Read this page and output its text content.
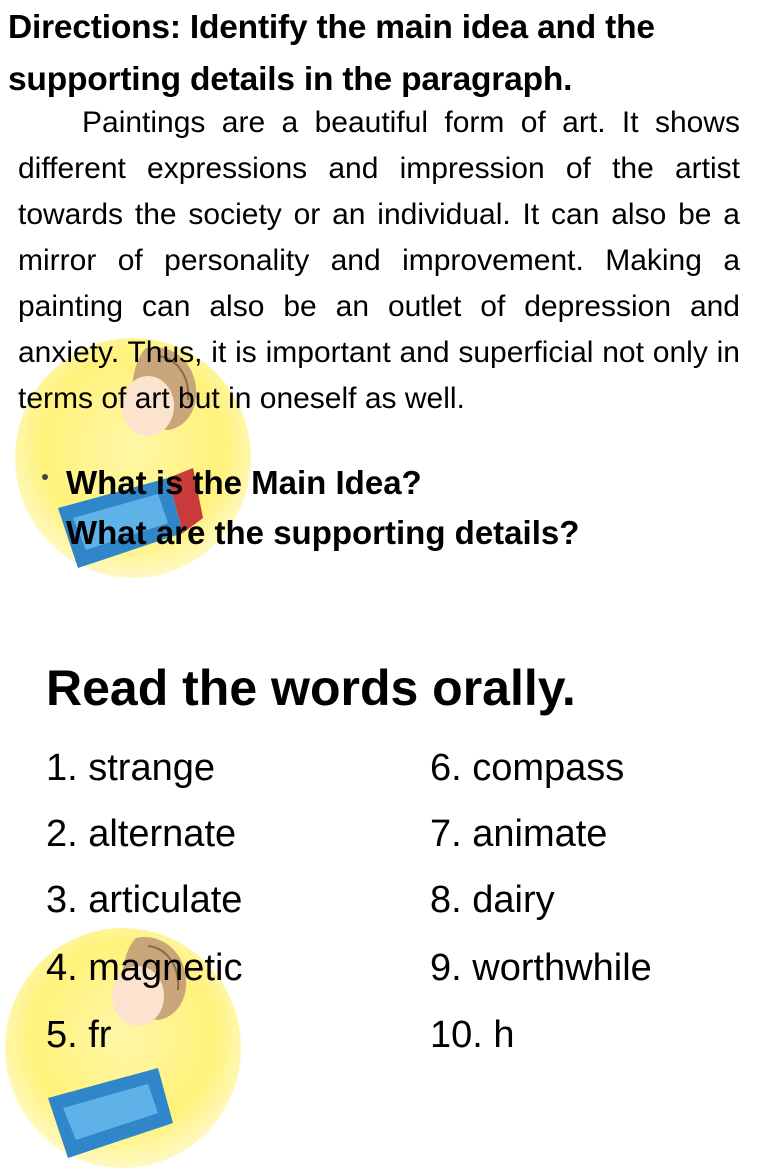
Directions: Identify the main idea and the supporting details in the paragraph.

Paintings are a beautiful form of art. It shows different expressions and impression of the artist towards the society or an individual. It can also be a mirror of personality and improvement. Making a painting can also be an outlet of depression and anxiety. Thus, it is important and superficial not only in terms of art but in oneself as well.

What is the Main Idea?
What are the supporting details?
Read the words orally.
1. strange
2. alternate
3. articulate
4. magnetic
5. fr
6. compass
7. animate
8. dairy
9. worthwhile
10. h
